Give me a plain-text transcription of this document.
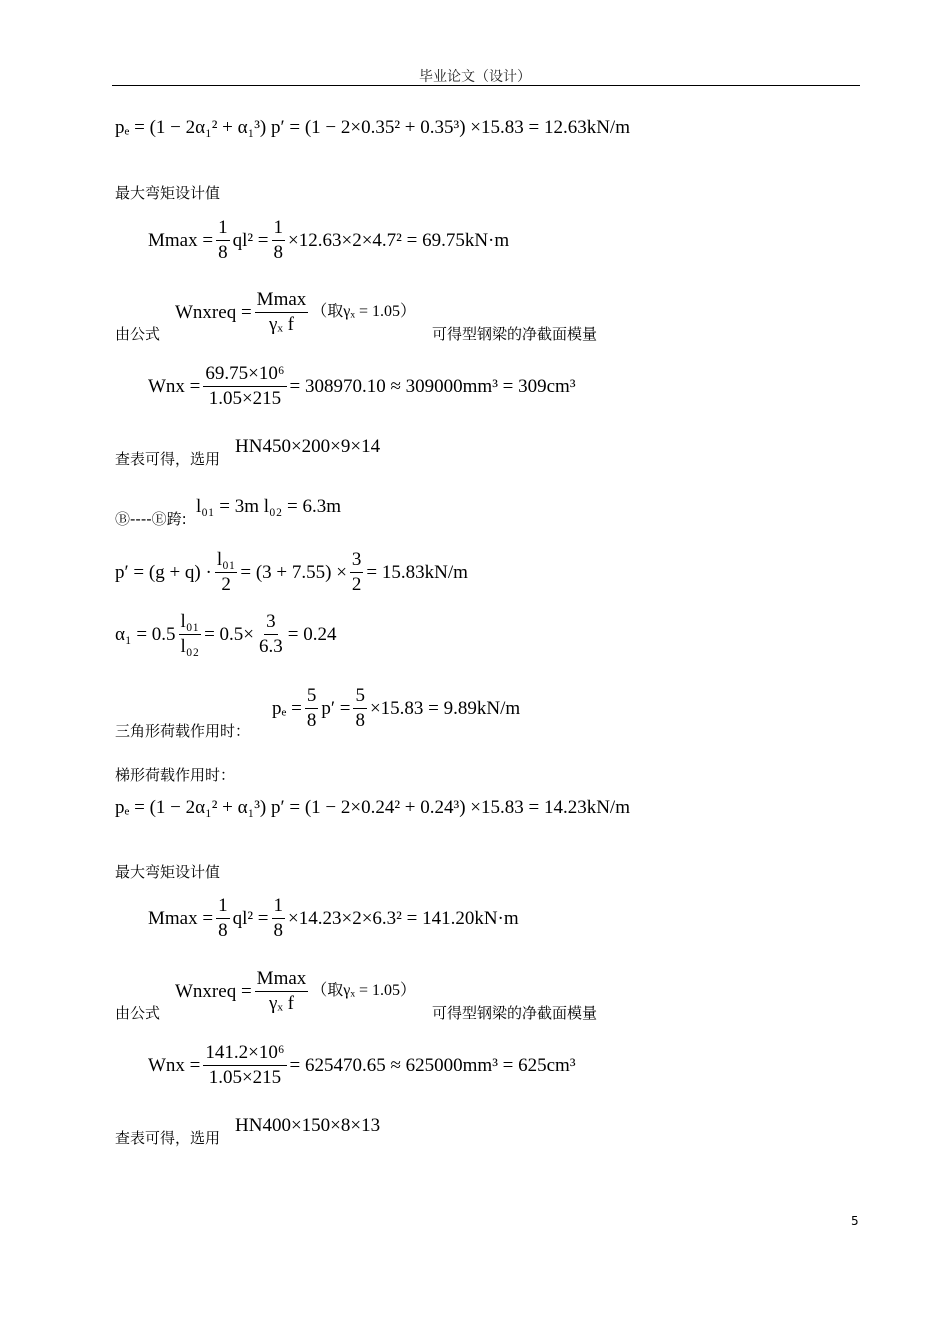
毕业论文（设计）
pₑ = (1 − 2α₁² + α₁³) p′ = (1 − 2×0.35² + 0.35³) ×15.83 = 12.63kN/m
最大弯矩设计值
$Mmax = \frac{1}{8} ql^2 = \frac{1}{8} \times 12.63\times 2\times 4.7^2 = 69.75kN\cdot m$
由公式
Wnxreq = $\frac{Mmax}{\text{γₓ f}}$ （取γₓ = 1.05）
可得型钢梁的净截面模量
Wnx = $\frac{\text{69.75×10⁶}}{1.05\times 215} = 308970.10 \approx 309000mm^3 = 309cm^3$
查表可得，选用
HN450×200×9×14
Ⓑ----Ⓔ跨:
l₀₁ = 3m l₀₂ = 6.3m
$p' = (g + q) \cdot \frac{\text{l₀₁}}{2} = (3 + 7.55) \times \frac{3}{2} = 15.83kN/m$
$\alpha_1 = 0.5 \frac{\text{l₀₁}}{\text{l₀₂}} = 0.5\times \frac{3}{6.3} = 0.24$
三角形荷载作用时：
$p_e = \frac{5}{8} p' = \frac{5}{8} \times 15.83 = 9.89kN/m$
梯形荷载作用时：
pₑ = (1 − 2α₁² + α₁³) p′ = (1 − 2×0.24² + 0.24³) ×15.83 = 14.23kN/m
最大弯矩设计值
$Mmax = \frac{1}{8} ql^2 = \frac{1}{8} \times 14.23\times 2\times 6.3^2 = 141.20kN\cdot m$
由公式
Wnxreq = $\frac{Mmax}{\text{γₓ f}}$ （取γₓ = 1.05）
可得型钢梁的净截面模量
Wnx = $\frac{\text{141.2×10⁶}}{1.05\times 215} = 625470.65 \approx 625000mm^3 = 625cm^3$
查表可得，选用
HN400×150×8×13
5
